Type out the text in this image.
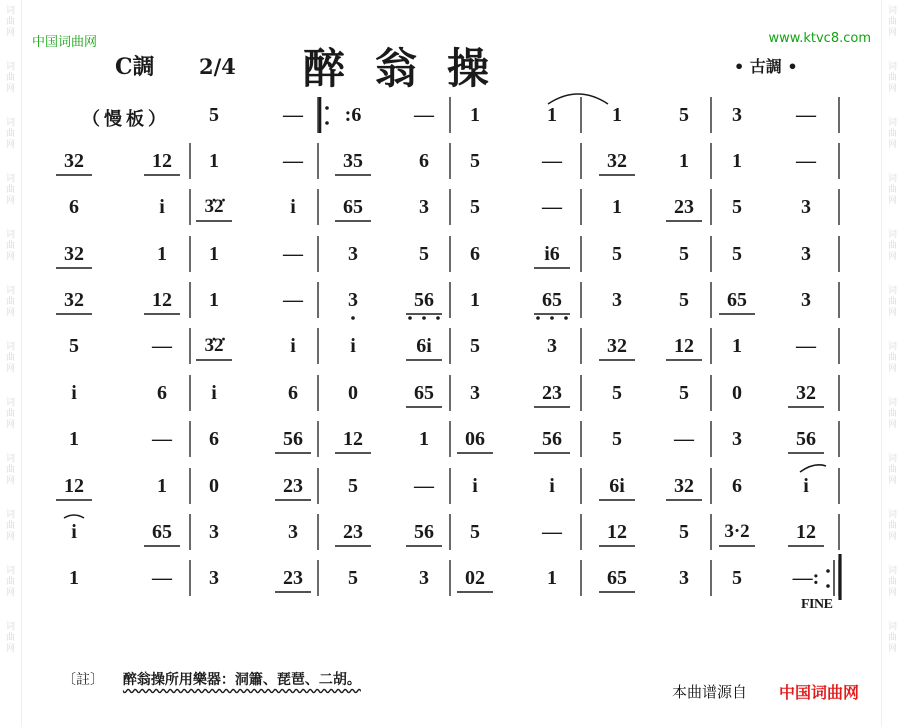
词
曲
网
词
曲
网
词
曲
网
词
曲
网
词
曲
网
词
曲
网
词
曲
网
词
曲
网
词
曲
网
词
曲
网
词
曲
网
词
曲
网
词
曲
网
词
曲
网
词
曲
网
词
曲
网
词
曲
网
词
曲
网
词
曲
网
词
曲
网
词
曲
网
词
曲
网
词
曲
网
词
曲
网
中国词曲网	www.ktvc8.com
C調 2/4 醉翁操	• 古調 •
（慢板）	5	—	:6	—	1	1	1	5	3	—
32	12	1	—	35	6	5	—	32	1	1	—
6	i	3̇2̇	i	65	3	5	—	1	23	5	3
32	1	1	—	3	5	6	i6	5	5	5	3
32	12	1	—	3	56	1	65	3	5	65	3
5	—	3̇2̇	i	i	6i	5	3	32	12	1	—
i	6	i	6	0	65	3	23	5	5	0	32
1	—	6	56	12	1	06	56	5	—	3	56
12	1	0	23	5	—	i	i	6i	32	6	i
i	65	3	3	23	56	5	—	12	5	3·2	12
1	—	3	23	5	3	02	1	65	3	5	—:
FINE
〔註〕 醉翁操所用樂器：洞簫、琵琶、二胡。
本曲谱源自 中国词曲网
